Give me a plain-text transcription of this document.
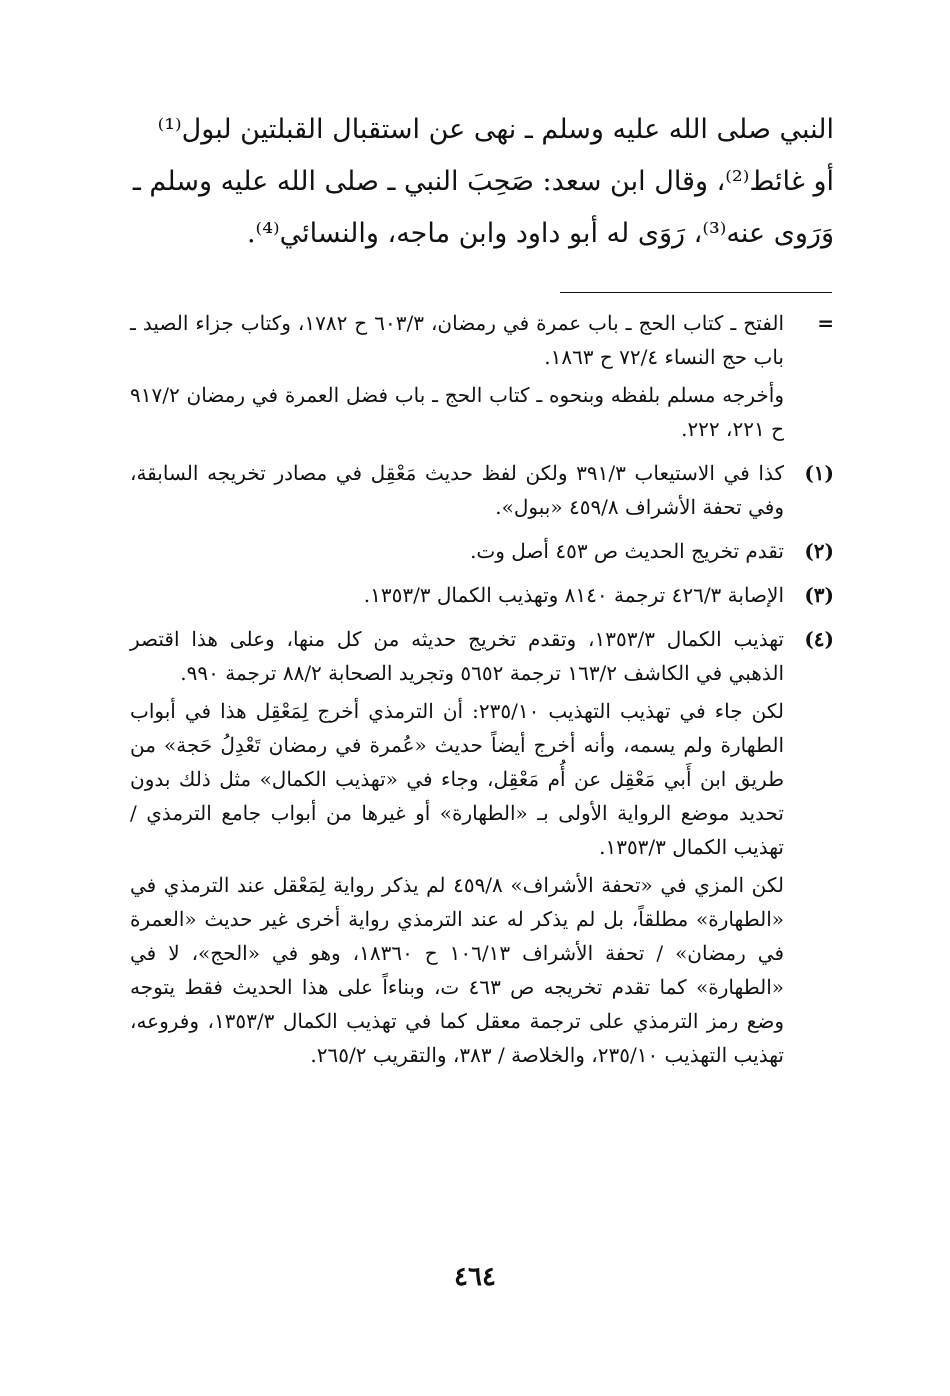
النبي صلى الله عليه وسلم ـ نهى عن استقبال القبلتين لبول⁽¹⁾

أو غائط⁽²⁾، وقال ابن سعد: صَحِبَ النبي ـ صلى الله عليه وسلم ـ

وَرَوى عنه⁽³⁾، رَوَى له أبو داود وابن ماجه، والنسائي⁽⁴⁾.

=

الفتح ـ كتاب الحج ـ باب عمرة في رمضان، ٦٠٣/٣ ح ١٧٨٢، وكتاب جزاء الصيد ـ باب حج النساء ٧٢/٤ ح ١٨٦٣.

وأخرجه مسلم بلفظه وبنحوه ـ كتاب الحج ـ باب فضل العمرة في رمضان ٩١٧/٢ ح ٢٢١، ٢٢٢.

(١)

كذا في الاستيعاب ٣٩١/٣ ولكن لفظ حديث مَعْقِل في مصادر تخريجه السابقة، وفي تحفة الأشراف ٤٥٩/٨ «ببول».

(٢)

تقدم تخريج الحديث ص ٤٥٣ أصل وت.

(٣)

الإصابة ٤٢٦/٣ ترجمة ٨١٤٠ وتهذيب الكمال ١٣٥٣/٣.

(٤)

تهذيب الكمال ١٣٥٣/٣، وتقدم تخريج حديثه من كل منها، وعلى هذا اقتصر الذهبي في الكاشف ١٦٣/٢ ترجمة ٥٦٥٢ وتجريد الصحابة ٨٨/٢ ترجمة ٩٩٠.

لكن جاء في تهذيب التهذيب ٢٣٥/١٠: أن الترمذي أخرج لِمَعْقِل هذا في أبواب الطهارة ولم يسمه، وأنه أخرج أيضاً حديث «عُمرة في رمضان تَعْدِلُ حَجة» من طريق ابن أَبي مَعْقِل عن أُم مَعْقِل، وجاء في «تهذيب الكمال» مثل ذلك بدون تحديد موضع الرواية الأولى بـ «الطهارة» أو غيرها من أبواب جامع الترمذي / تهذيب الكمال ١٣٥٣/٣.

لكن المزي في «تحفة الأشراف» ٤٥٩/٨ لم يذكر رواية لِمَعْقل عند الترمذي في «الطهارة» مطلقاً، بل لم يذكر له عند الترمذي رواية أخرى غير حديث «العمرة في رمضان» / تحفة الأشراف ١٠٦/١٣ ح ١٨٣٦٠، وهو في «الحج»، لا في «الطهارة» كما تقدم تخريجه ص ٤٦٣ ت، وبناءاً على هذا الحديث فقط يتوجه وضع رمز الترمذي على ترجمة معقل كما في تهذيب الكمال ١٣٥٣/٣، وفروعه، تهذيب التهذيب ٢٣٥/١٠، والخلاصة / ٣٨٣، والتقريب ٢٦٥/٢.

٤٦٤
